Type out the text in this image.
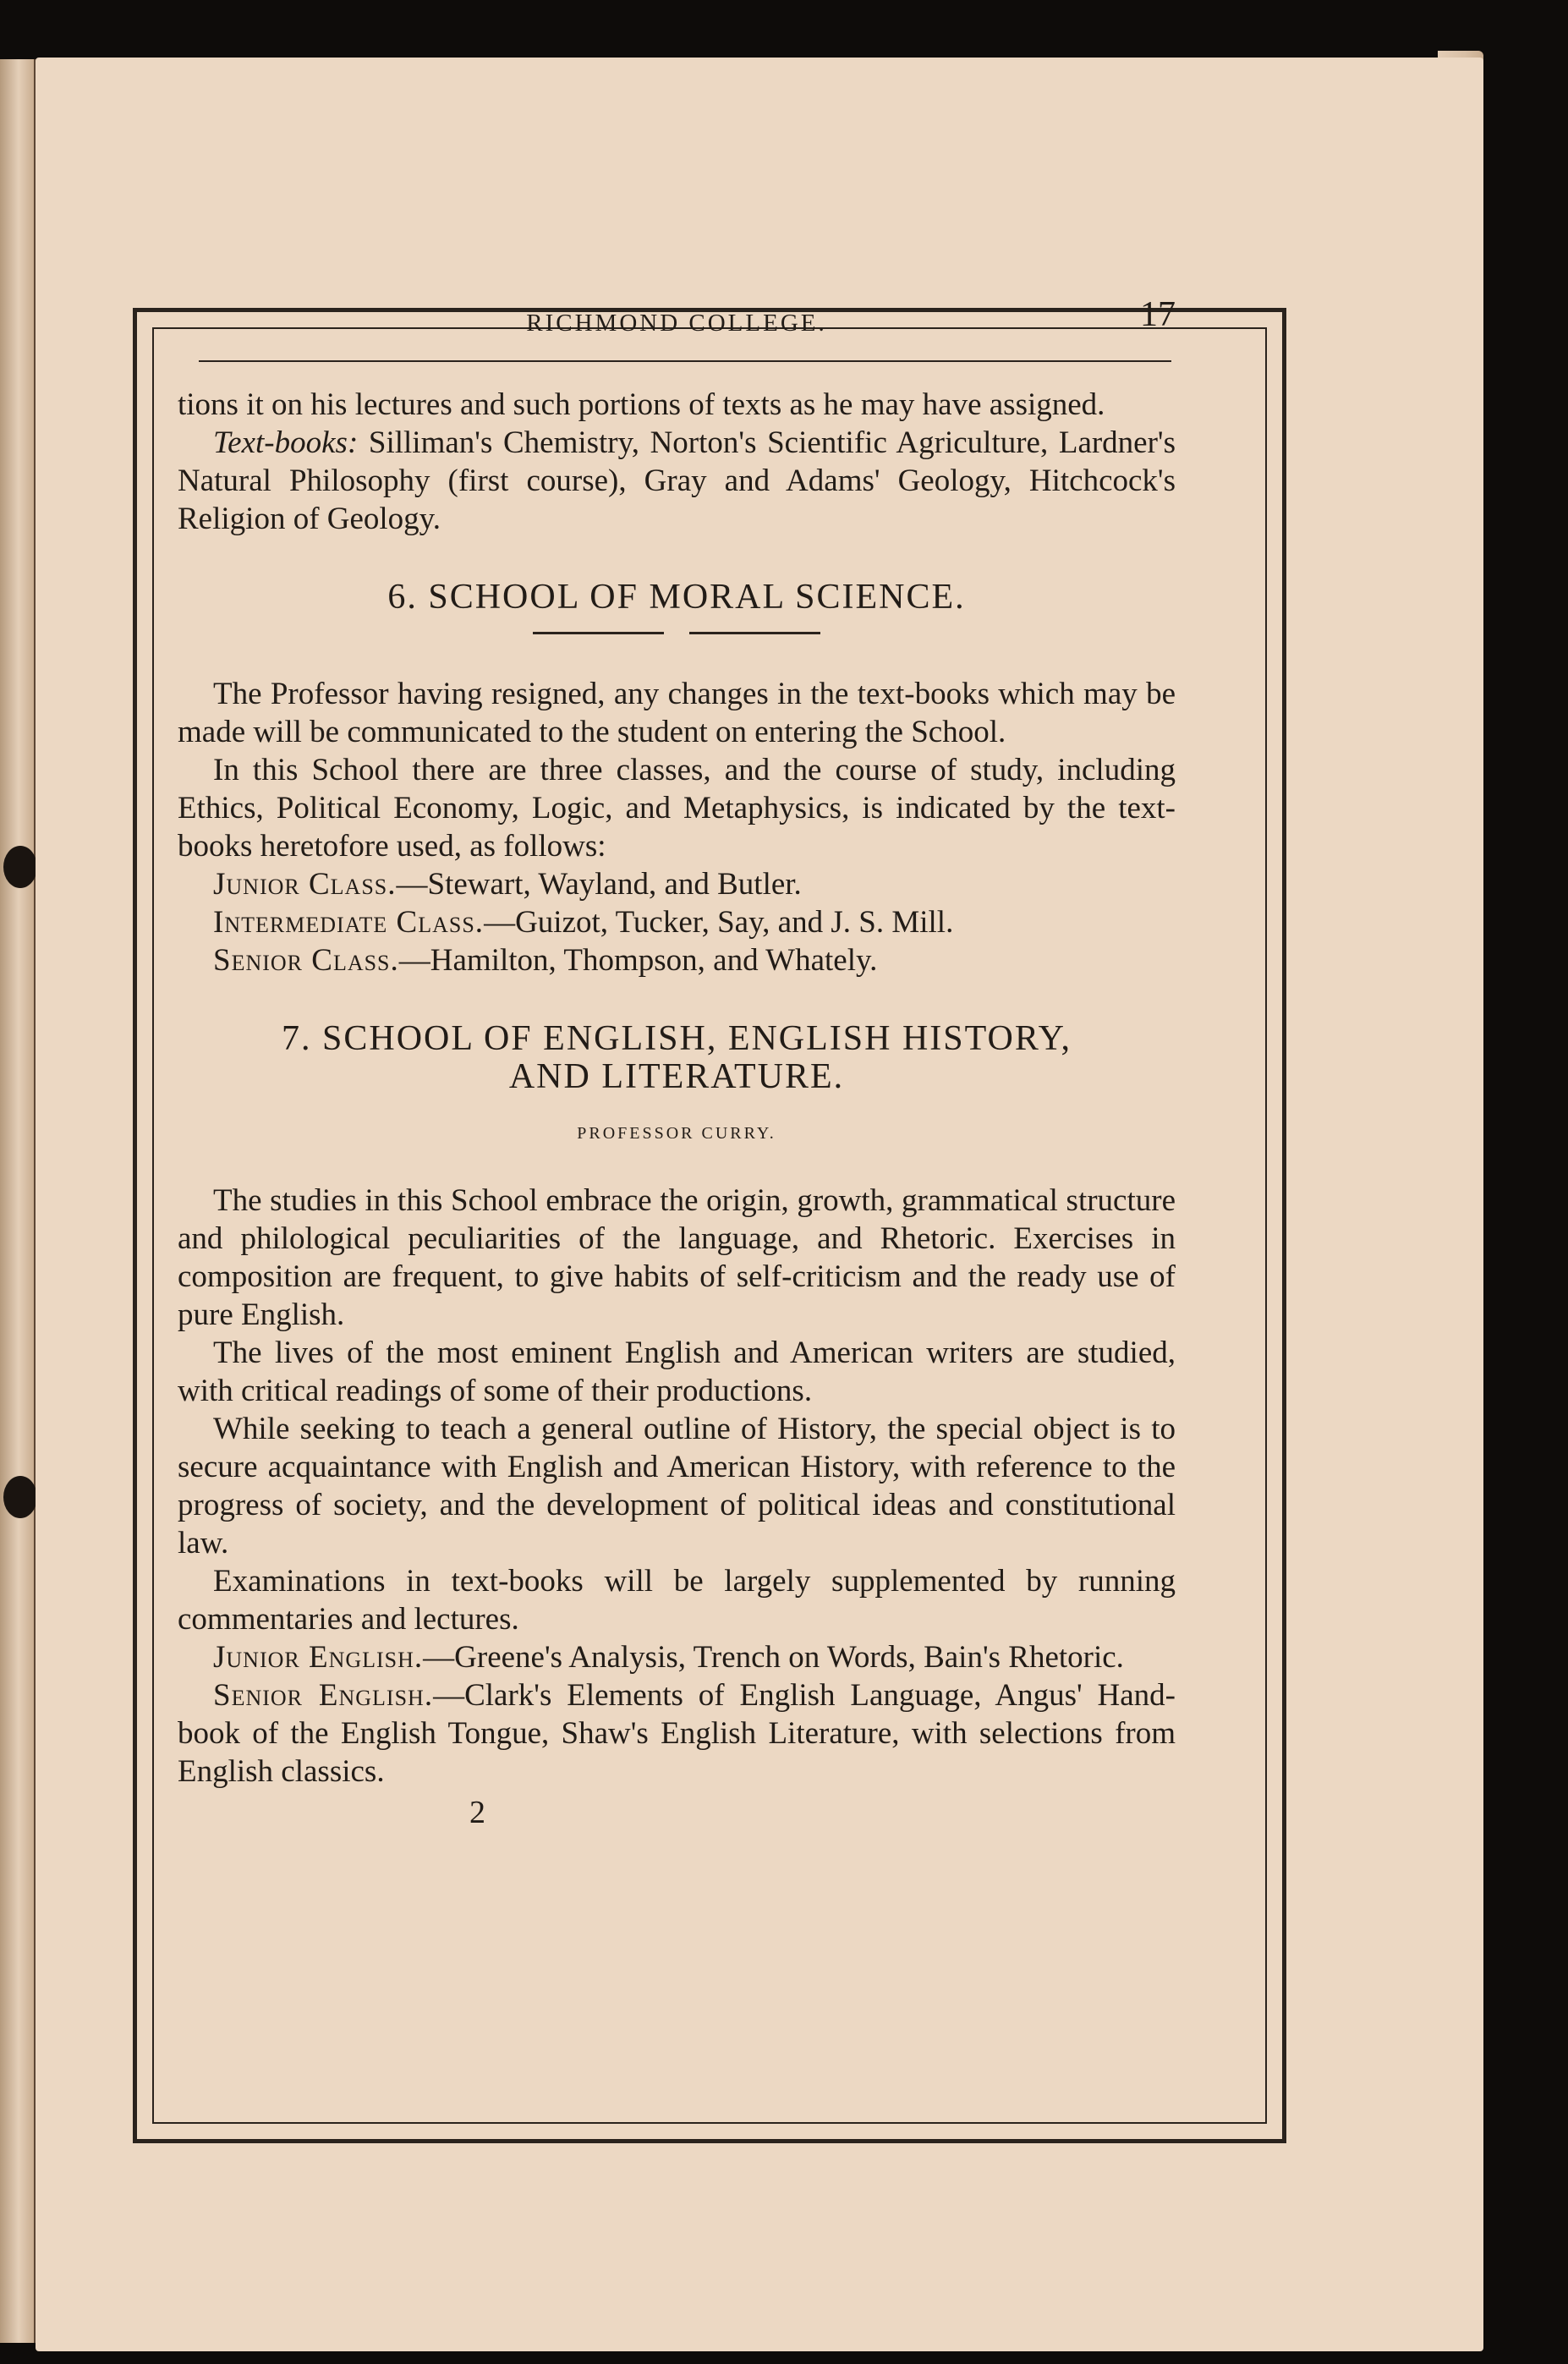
RICHMOND COLLEGE.	17

tions it on his lectures and such portions of texts as he may have assigned.

Text-books: Silliman's Chemistry, Norton's Scientific Agriculture, Lardner's Natural Philosophy (first course), Gray and Adams' Geology, Hitchcock's Religion of Geology.

6. SCHOOL OF MORAL SCIENCE.

The Professor having resigned, any changes in the text-books which may be made will be communicated to the student on entering the School.

In this School there are three classes, and the course of study, including Ethics, Political Economy, Logic, and Metaphysics, is indicated by the text-books heretofore used, as follows:

Junior Class.—Stewart, Wayland, and Butler.

Intermediate Class.—Guizot, Tucker, Say, and J. S. Mill.

Senior Class.—Hamilton, Thompson, and Whately.

7. SCHOOL OF ENGLISH, ENGLISH HISTORY,
AND LITERATURE.
PROFESSOR CURRY.

The studies in this School embrace the origin, growth, grammatical structure and philological peculiarities of the language, and Rhetoric. Exercises in composition are frequent, to give habits of self-criticism and the ready use of pure English.

The lives of the most eminent English and American writers are studied, with critical readings of some of their productions.

While seeking to teach a general outline of History, the special object is to secure acquaintance with English and American History, with reference to the progress of society, and the development of political ideas and constitutional law.

Examinations in text-books will be largely supplemented by running commentaries and lectures.

Junior English.—Greene's Analysis, Trench on Words, Bain's Rhetoric.

Senior English.—Clark's Elements of English Language, Angus' Hand-book of the English Tongue, Shaw's English Literature, with selections from English classics.

2
